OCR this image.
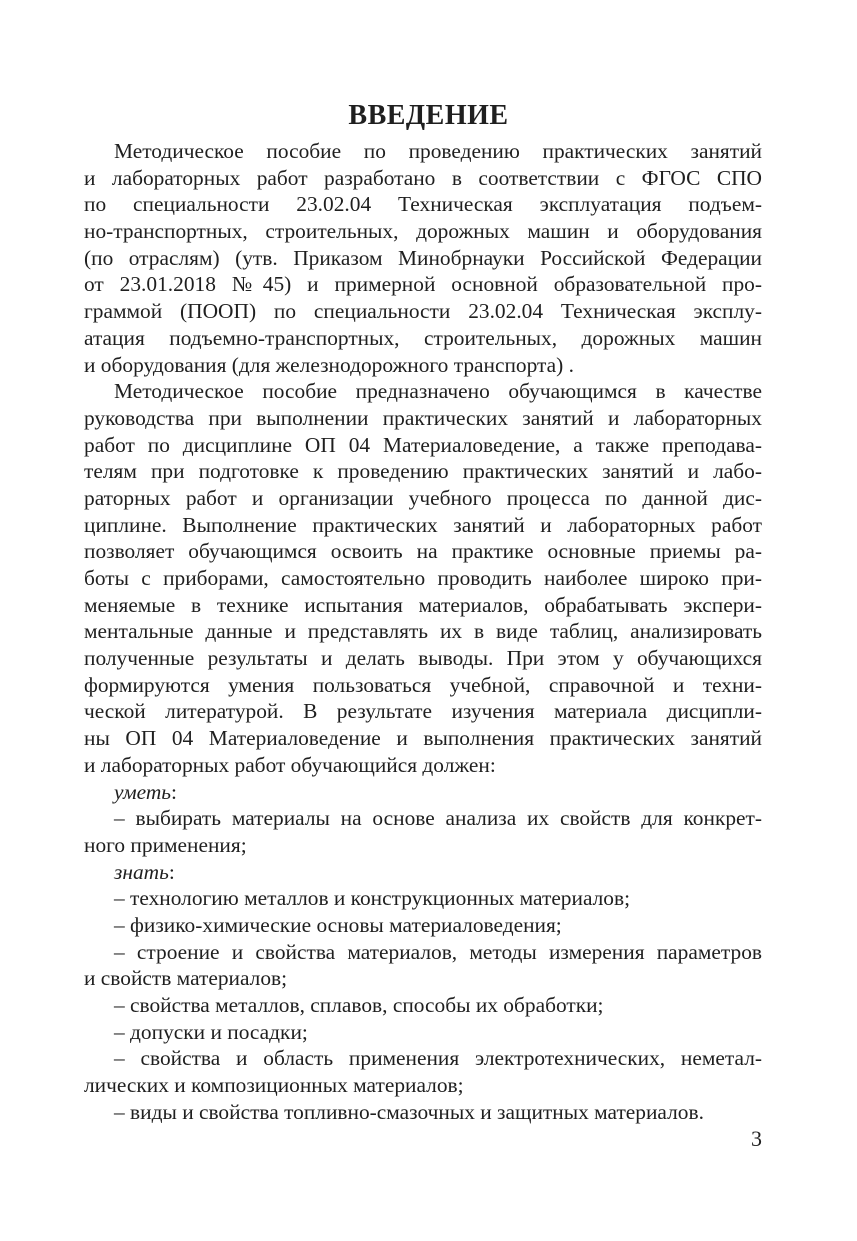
ВВЕДЕНИЕ
Методическое пособие по проведению практических занятий
и лабораторных работ разработано в соответствии с ФГОС СПО
по специальности 23.02.04 Техническая эксплуатация подъем-
но-транспортных, строительных, дорожных машин и оборудования
(по отраслям) (утв. Приказом Минобрнауки Российской Федерации
от 23.01.2018 №45) и примерной основной образовательной про-
граммой (ПООП) по специальности 23.02.04 Техническая эксплу-
атация подъемно-транспортных, строительных, дорожных машин
и оборудования (для железнодорожного транспорта) .
Методическое пособие предназначено обучающимся в качестве
руководства при выполнении практических занятий и лабораторных
работ по дисциплине ОП 04 Материаловедение, а также преподава-
телям при подготовке к проведению практических занятий и лабо-
раторных работ и организации учебного процесса по данной дис-
циплине. Выполнение практических занятий и лабораторных работ
позволяет обучающимся освоить на практике основные приемы ра-
боты с приборами, самостоятельно проводить наиболее широко при-
меняемые в технике испытания материалов, обрабатывать экспери-
ментальные данные и представлять их в виде таблиц, анализировать
полученные результаты и делать выводы. При этом у обучающихся
формируются умения пользоваться учебной, справочной и техни-
ческой литературой. В результате изучения материала дисципли-
ны ОП 04 Материаловедение и выполнения практических занятий
и лабораторных работ обучающийся должен:
уметь:
– выбирать материалы на основе анализа их свойств для конкрет-
ного применения;
знать:
– технологию металлов и конструкционных материалов;
– физико-химические основы материаловедения;
– строение и свойства материалов, методы измерения параметров
и свойств материалов;
– свойства металлов, сплавов, способы их обработки;
– допуски и посадки;
– свойства и область применения электротехнических, неметал-
лических и композиционных материалов;
– виды и свойства топливно-смазочных и защитных материалов.
3
